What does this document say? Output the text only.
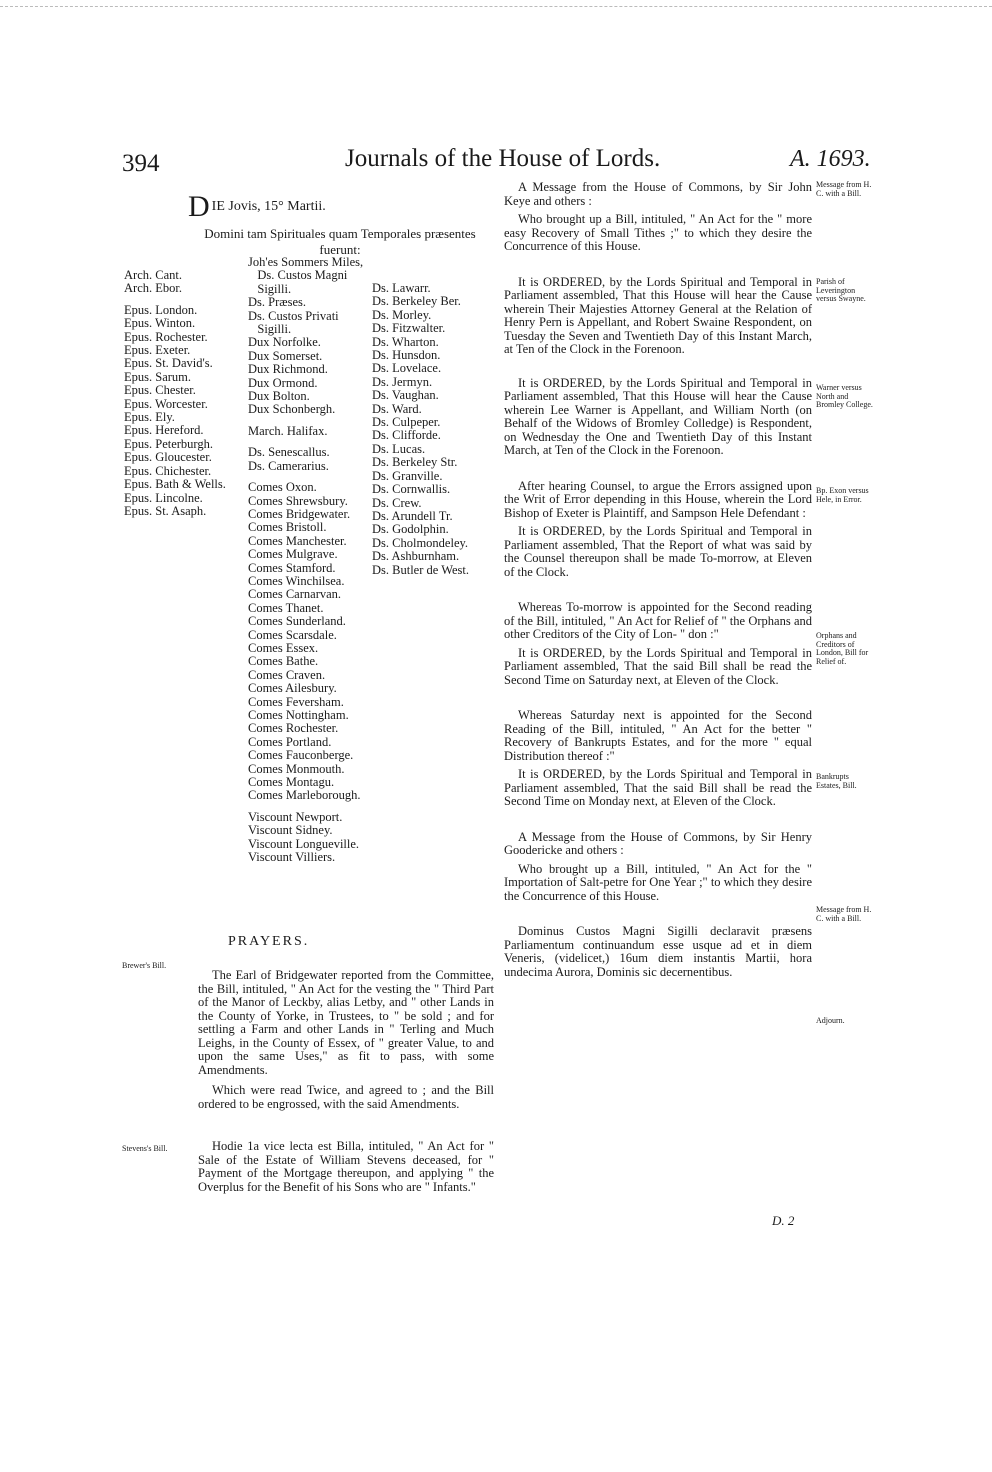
394	Journals of the House of Lords.	A. 1693.
DIE Jovis, 15° Martii.
Domini tam Spirituales quam Temporales præsentes fuerunt:
Arch. Cant.
Arch. Ebor.
Epus. London.
Epus. Winton.
Epus. Rochester.
Epus. Exeter.
Epus. St. David's.
Epus. Sarum.
Epus. Chester.
Epus. Worcester.
Epus. Ely.
Epus. Hereford.
Epus. Peterburgh.
Epus. Gloucester.
Epus. Chichester.
Epus. Bath & Wells.
Epus. Lincolne.
Epus. St. Asaph.
Joh'es Sommers Miles,
Ds. Custos Magni
Sigilli.
Ds. Præses.
Ds. Custos Privati
Sigilli.
Dux Norfolke.
Dux Somerset.
Dux Richmond.
Dux Ormond.
Dux Bolton.
Dux Schonbergh.
March. Halifax.
Ds. Senescallus.
Ds. Camerarius.
Comes Oxon.
Comes Shrewsbury.
Comes Bridgewater.
Comes Bristoll.
Comes Manchester.
Comes Mulgrave.
Comes Stamford.
Comes Winchilsea.
Comes Carnarvan.
Comes Thanet.
Comes Sunderland.
Comes Scarsdale.
Comes Essex.
Comes Bathe.
Comes Craven.
Comes Ailesbury.
Comes Feversham.
Comes Nottingham.
Comes Rochester.
Comes Portland.
Comes Fauconberge.
Comes Monmouth.
Comes Montagu.
Comes Marleborough.
Viscount Newport.
Viscount Sidney.
Viscount Longueville.
Viscount Villiers.
Ds. Lawarr.
Ds. Berkeley Ber.
Ds. Morley.
Ds. Fitzwalter.
Ds. Wharton.
Ds. Hunsdon.
Ds. Lovelace.
Ds. Jermyn.
Ds. Vaughan.
Ds. Ward.
Ds. Culpeper.
Ds. Clifforde.
Ds. Lucas.
Ds. Berkeley Str.
Ds. Granville.
Ds. Cornwallis.
Ds. Crew.
Ds. Arundell Tr.
Ds. Godolphin.
Ds. Cholmondeley.
Ds. Ashburnham.
Ds. Butler de West.
PRAYERS.
Brewer's Bill.
Stevens's Bill.

The Earl of Bridgewater reported from the Committee, the Bill, intituled, " An Act for the vesting the " Third Part of the Manor of Leckby, alias Letby, and " other Lands in the County of Yorke, in Trustees, to " be sold ; and for settling a Farm and other Lands in " Terling and Much Leighs, in the County of Essex, of " greater Value, to and upon the same Uses," as fit to pass, with some Amendments.

Which were read Twice, and agreed to ; and the Bill ordered to be engrossed, with the said Amendments.

Hodie 1a vice lecta est Billa, intituled, " An Act for " Sale of the Estate of William Stevens deceased, for " Payment of the Mortgage thereupon, and applying " the Overplus for the Benefit of his Sons who are " Infants."

A Message from the House of Commons, by Sir John Keye and others :

Who brought up a Bill, intituled, " An Act for the " more easy Recovery of Small Tithes ;" to which they desire the Concurrence of this House.

It is ORDERED, by the Lords Spiritual and Temporal in Parliament assembled, That this House will hear the Cause wherein Their Majesties Attorney General at the Relation of Henry Pern is Appellant, and Robert Swaine Respondent, on Tuesday the Seven and Twentieth Day of this Instant March, at Ten of the Clock in the Forenoon.

It is ORDERED, by the Lords Spiritual and Temporal in Parliament assembled, That this House will hear the Cause wherein Lee Warner is Appellant, and William North (on Behalf of the Widows of Bromley Colledge) is Respondent, on Wednesday the One and Twentieth Day of this Instant March, at Ten of the Clock in the Forenoon.

After hearing Counsel, to argue the Errors assigned upon the Writ of Error depending in this House, wherein the Lord Bishop of Exeter is Plaintiff, and Sampson Hele Defendant :

It is ORDERED, by the Lords Spiritual and Temporal in Parliament assembled, That the Report of what was said by the Counsel thereupon shall be made To-morrow, at Eleven of the Clock.

Whereas To-morrow is appointed for the Second reading of the Bill, intituled, " An Act for Relief of " the Orphans and other Creditors of the City of Lon- " don :"

It is ORDERED, by the Lords Spiritual and Temporal in Parliament assembled, That the said Bill shall be read the Second Time on Saturday next, at Eleven of the Clock.

Whereas Saturday next is appointed for the Second Reading of the Bill, intituled, " An Act for the better " Recovery of Bankrupts Estates, and for the more " equal Distribution thereof :"

It is ORDERED, by the Lords Spiritual and Temporal in Parliament assembled, That the said Bill shall be read the Second Time on Monday next, at Eleven of the Clock.

A Message from the House of Commons, by Sir Henry Goodericke and others :

Who brought up a Bill, intituled, " An Act for the " Importation of Salt-petre for One Year ;" to which they desire the Concurrence of this House.

Dominus Custos Magni Sigilli declaravit præsens Parliamentum continuandum esse usque ad et in diem Veneris, (videlicet,) 16um diem instantis Martii, hora undecima Aurora, Dominis sic decernentibus.

Message from H. C. with a Bill.
Parish of Leverington versus Swayne.
Warner versus North and Bromley College.
Bp. Exon versus Hele, in Error.
Orphans and Creditors of London, Bill for Relief of.
Bankrupts Estates, Bill.
Message from H. C. with a Bill.
Adjourn.
D. 2
